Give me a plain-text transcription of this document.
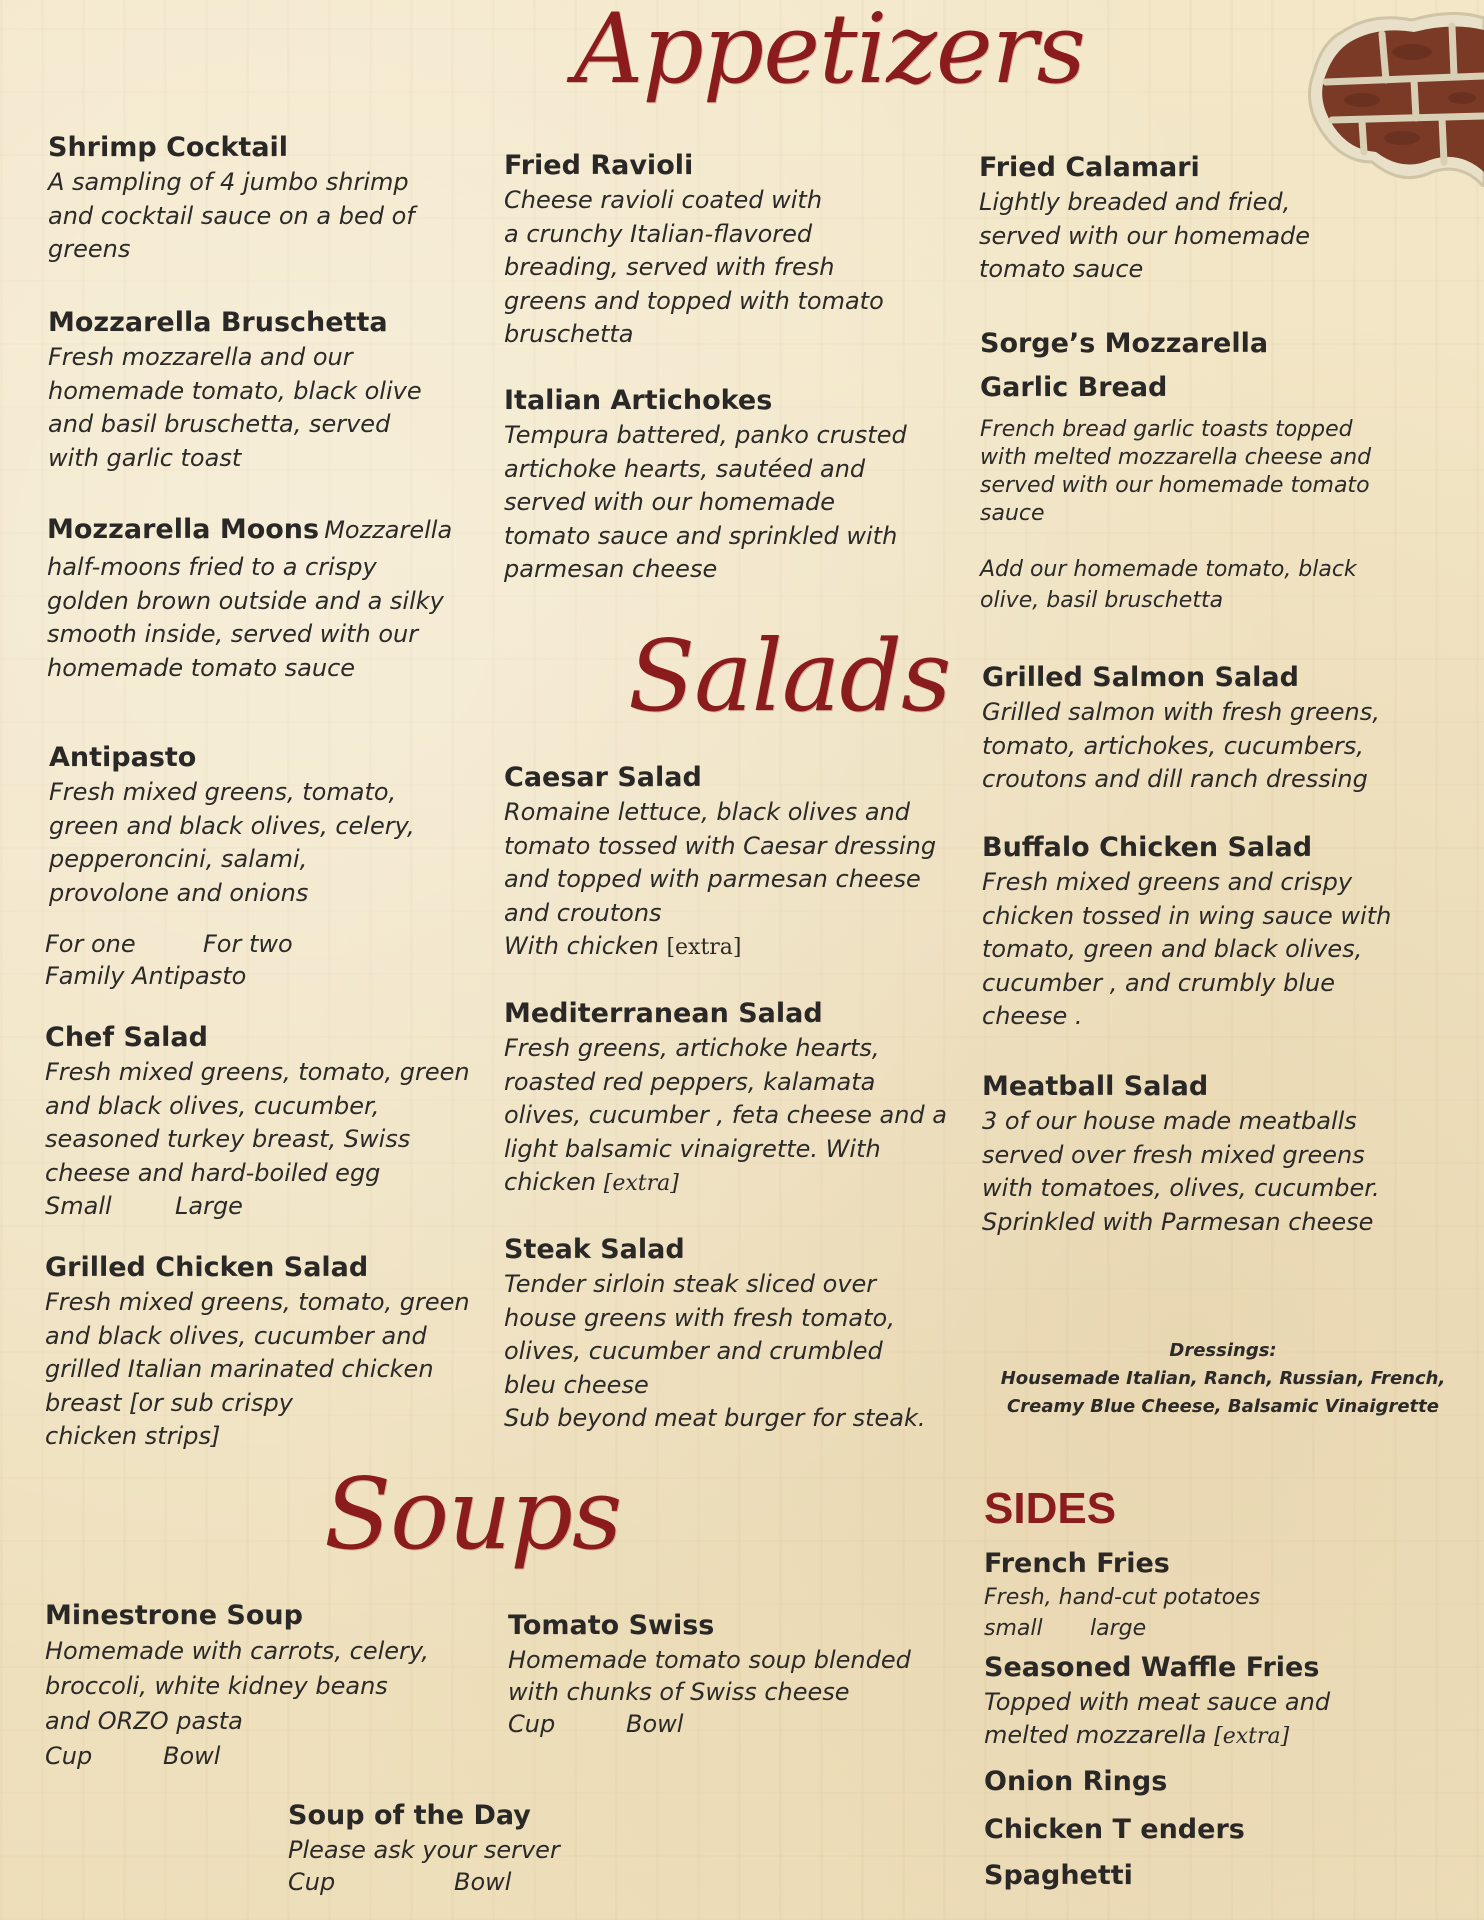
Appetizers
Salads
Soups	SIDES

Shrimp Cocktail

A sampling of 4 jumbo shrimp

and cocktail sauce on a bed of

greens

Mozzarella Bruschetta

Fresh mozzarella and our

homemade tomato, black olive

and basil bruschetta, served

with garlic toast

Mozzarella Moons Mozzarella

half-moons fried to a crispy

golden brown outside and a silky

smooth inside, served with our

homemade tomato sauce

Antipasto

Fresh mixed greens, tomato,

green and black olives, celery,

pepperoncini, salami,

provolone and onions

For one	For two
Family Antipasto

Chef Salad

Fresh mixed greens, tomato, green

and black olives, cucumber,

seasoned turkey breast, Swiss

cheese and hard-boiled egg

Small	Large

Grilled Chicken Salad

Fresh mixed greens, tomato, green

and black olives, cucumber and

grilled Italian marinated chicken

breast [or sub crispy

chicken strips]

Fried Ravioli

Cheese ravioli coated with

a crunchy Italian-flavored

breading, served with fresh

greens and topped with tomato

bruschetta

Italian Artichokes

Tempura battered, panko crusted

artichoke hearts, sautéed and

served with our homemade

tomato sauce and sprinkled with

parmesan cheese

Caesar Salad

Romaine lettuce, black olives and

tomato tossed with Caesar dressing

and topped with parmesan cheese

and croutons

With chicken [extra]

Mediterranean Salad

Fresh greens, artichoke hearts,

roasted red peppers, kalamata

olives, cucumber , feta cheese and a

light balsamic vinaigrette. With

chicken [extra]

Steak Salad

Tender sirloin steak sliced over

house greens with fresh tomato,

olives, cucumber and crumbled

bleu cheese

Sub beyond meat burger for steak.

Fried Calamari

Lightly breaded and fried,

served with our homemade

tomato sauce

Sorge’s Mozzarella

Garlic Bread

French bread garlic toasts topped

with melted mozzarella cheese and

served with our homemade tomato

sauce

Add our homemade tomato, black

olive, basil bruschetta

Grilled Salmon Salad

Grilled salmon with fresh greens,

tomato, artichokes, cucumbers,

croutons and dill ranch dressing

Buffalo Chicken Salad

Fresh mixed greens and crispy

chicken tossed in wing sauce with

tomato, green and black olives,

cucumber , and crumbly blue

cheese .

Meatball Salad

3 of our house made meatballs

served over fresh mixed greens

with tomatoes, olives, cucumber.

Sprinkled with Parmesan cheese

Dressings:
Housemade Italian, Ranch, Russian, French,
Creamy Blue Cheese, Balsamic Vinaigrette

French Fries

Fresh, hand-cut potatoes

small large

Seasoned Waffle Fries

Topped with meat sauce and

melted mozzarella [extra]

Onion Rings
Chicken T enders
Spaghetti

Minestrone Soup

Homemade with carrots, celery,

broccoli, white kidney beans

and ORZO pasta

Cup	Bowl

Tomato Swiss

Homemade tomato soup blended

with chunks of Swiss cheese

Cup	Bowl

Soup of the Day

Please ask your server

Cup	Bowl
